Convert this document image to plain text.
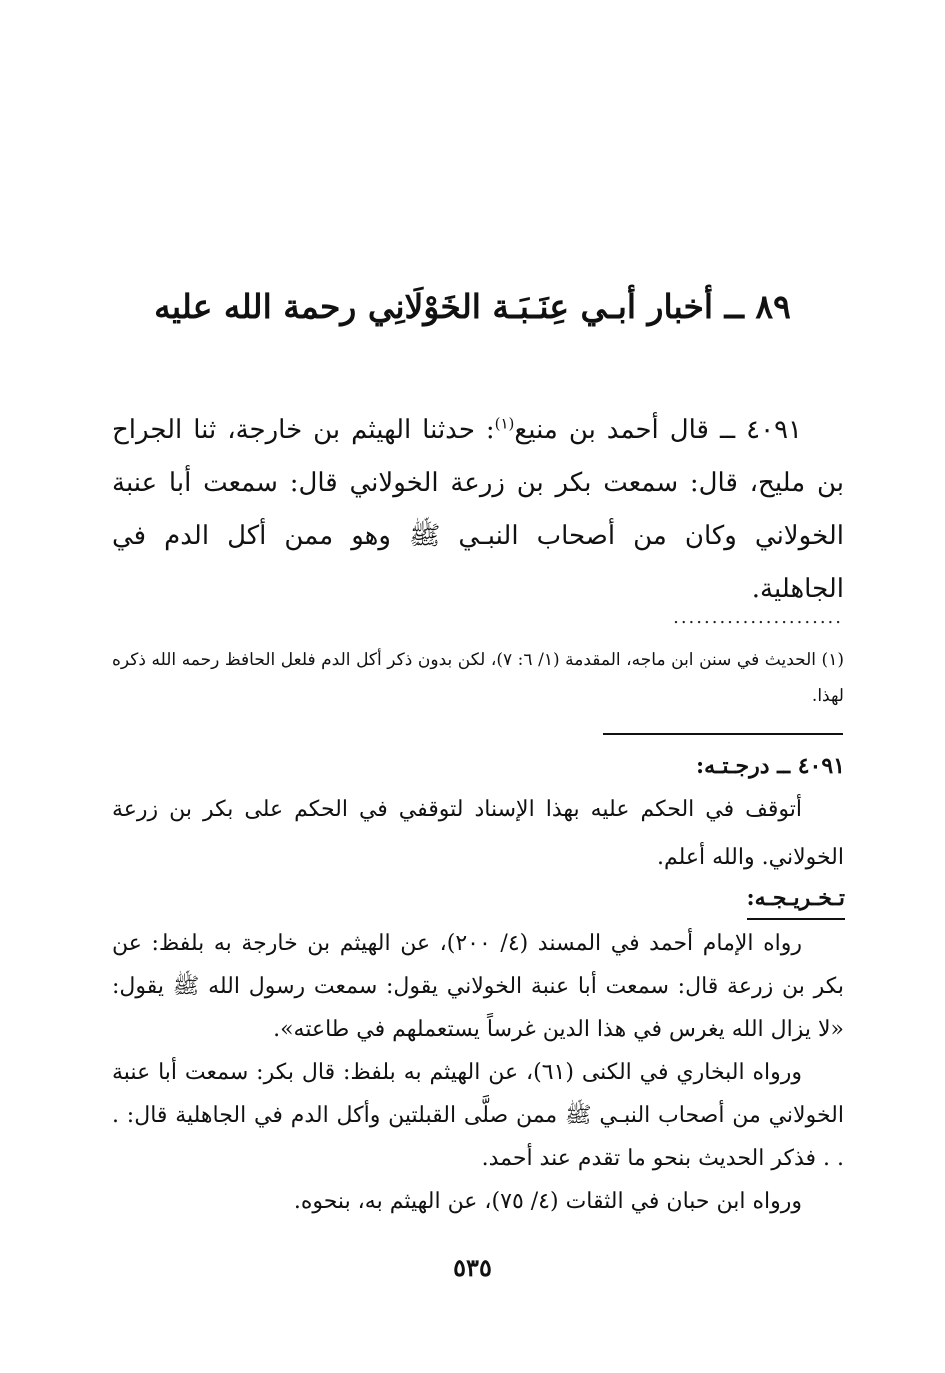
٨٩ ــ أخبار أبـي عِنَـبَـة الخَوْلَانِي رحمة الله عليه

٤٠٩١ ــ قال أحمد بن منيع$^{(١)}$: حدثنا الهيثم بن خارجة، ثنا الجراح بن مليح، قال: سمعت بكر بن زرعة الخولاني قال: سمعت أبا عنبة الخولاني وكان من أصحاب النبـي ﷺ وهو ممن أكل الدم في الجاهلية.

......................

(١) الحديث في سنن ابن ماجه، المقدمة (١/ ٦: ٧)، لكن بدون ذكر أكل الدم فلعل الحافظ رحمه الله ذكره لهذا.

٤٠٩١ ــ درجـتـه:

أتوقف في الحكم عليه بهذا الإسناد لتوقفي في الحكم على بكر بن زرعة الخولاني. والله أعلم.

تـخـريـجـه:

رواه الإمام أحمد في المسند (٤/ ٢٠٠)، عن الهيثم بن خارجة به بلفظ: عن بكر بن زرعة قال: سمعت أبا عنبة الخولاني يقول: سمعت رسول الله ﷺ يقول: «لا يزال الله يغرس في هذا الدين غرساً يستعملهم في طاعته».

ورواه البخاري في الكنى (٦١)، عن الهيثم به بلفظ: قال بكر: سمعت أبا عنبة الخولاني من أصحاب النبـي ﷺ ممن صلَّى القبلتين وأكل الدم في الجاهلية قال: . . . فذكر الحديث بنحو ما تقدم عند أحمد.

ورواه ابن حبان في الثقات (٤/ ٧٥)، عن الهيثم به، بنحوه.

٥٣٥
